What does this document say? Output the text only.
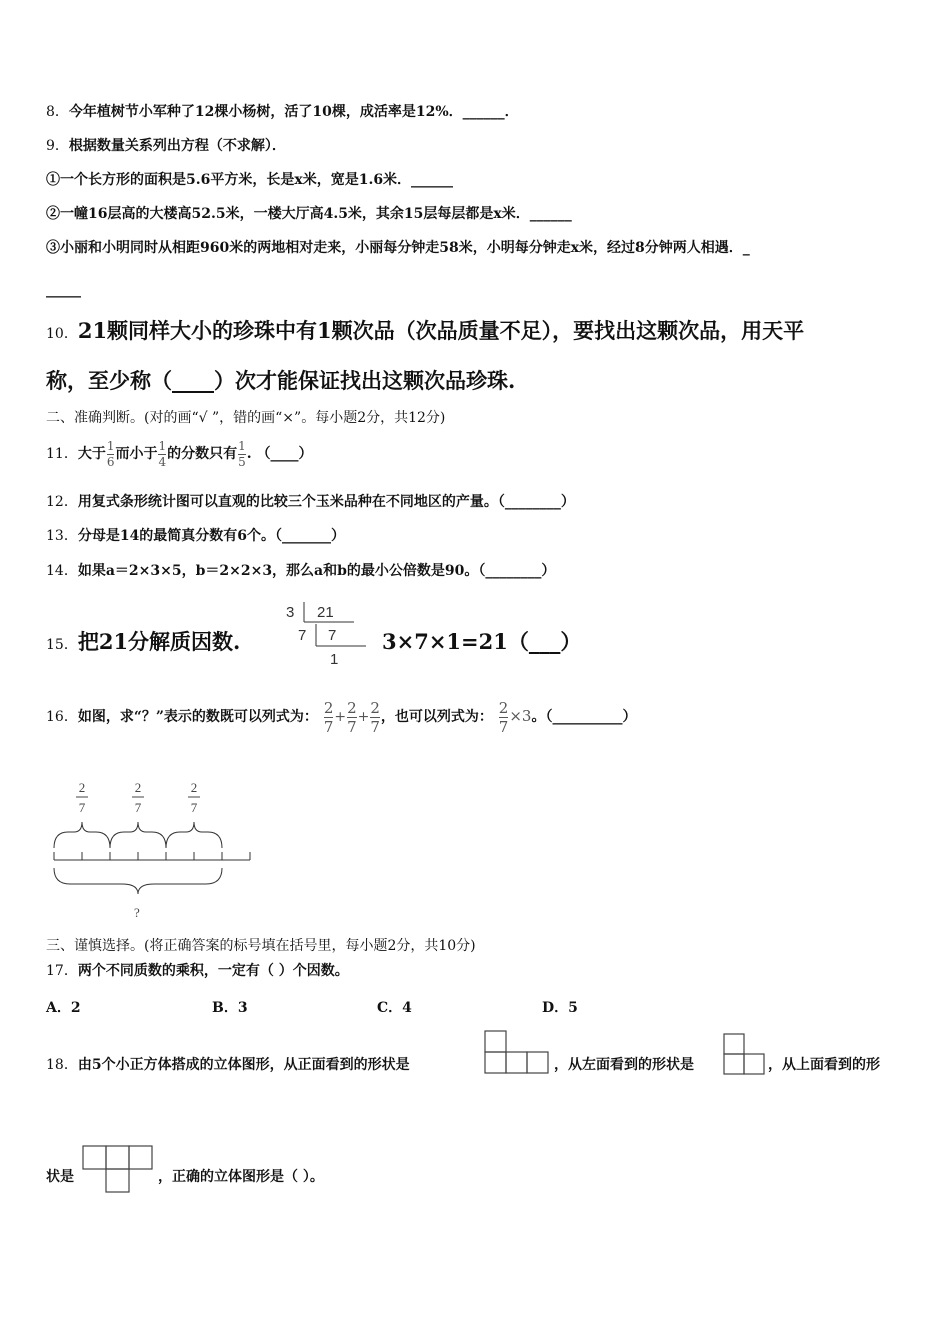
8．今年植树节小军种了12棵小杨树，活了10棵，成活率是12%．______．
9．根据数量关系列出方程（不求解）．
①一个长方形的面积是5.6平方米，长是x米，宽是1.6米．______
②一幢16层高的大楼高52.5米，一楼大厅高4.5米，其余15层每层都是x米．______
③小丽和小明同时从相距960米的两地相对走来，小丽每分钟走58米，小明每分钟走x米，经过8分钟两人相遇．_
_____
10．21颗同样大小的珍珠中有1颗次品（次品质量不足），要找出这颗次品，用天平
称，至少称（____）次才能保证找出这颗次品珍珠.
二、准确判断。(对的画“√ ”，错的画“×”。每小题2分，共12分)
11．大于 $\frac{1}{6}$ 而小于 $\frac{1}{4}$ 的分数只有 $\frac{1}{5}$ . （____）
12．用复式条形统计图可以直观的比较三个玉米品种在不同地区的产量。（________）
13．分母是14的最简真分数有6个。（_______）
14．如果a＝2×3×5，b＝2×2×3，那么a和b的最小公倍数是90。（________）
15．把21分解质因数.
3 21
7 7
1
3×7×1=21（___）
16．如图，求“？”表示的数既可以列式为： $\frac{2}{7} + \frac{2}{7} + \frac{2}{7}$ ，也可以列式为： $\frac{2}{7} \times 3$。（__________）
2
7
2
7
2
7
?
三、谨慎选择。(将正确答案的标号填在括号里，每小题2分，共10分)
17．两个不同质数的乘积，一定有（ ）个因数。
A．2	B．3	C．4	D．5
18．由5个小正方体搭成的立体图形，从正面看到的形状是	，从左面看到的形状是	，从上面看到的形
状是	，正确的立体图形是（ ）。
